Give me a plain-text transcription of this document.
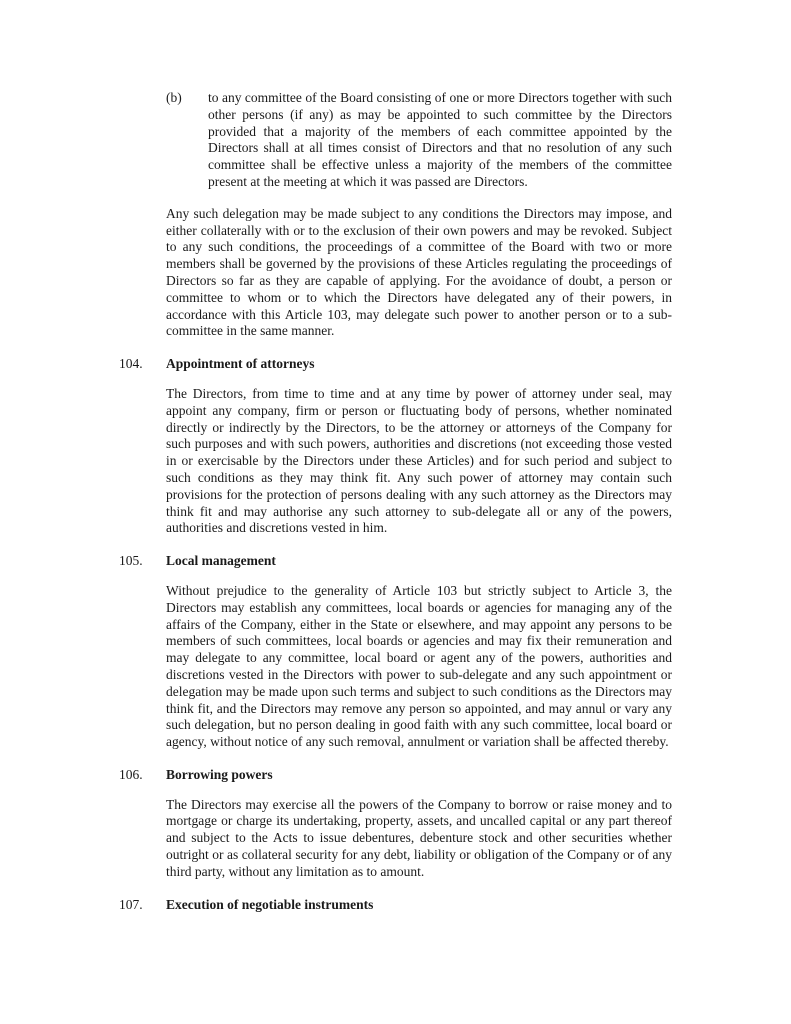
(b)	to any committee of the Board consisting of one or more Directors together with such other persons (if any) as may be appointed to such committee by the Directors provided that a majority of the members of each committee appointed by the Directors shall at all times consist of Directors and that no resolution of any such committee shall be effective unless a majority of the members of the committee present at the meeting at which it was passed are Directors.

Any such delegation may be made subject to any conditions the Directors may impose, and either collaterally with or to the exclusion of their own powers and may be revoked. Subject to any such conditions, the proceedings of a committee of the Board with two or more members shall be governed by the provisions of these Articles regulating the proceedings of Directors so far as they are capable of applying. For the avoidance of doubt, a person or committee to whom or to which the Directors have delegated any of their powers, in accordance with this Article 103, may delegate such power to another person or to a sub-committee in the same manner.

104.	Appointment of attorneys

The Directors, from time to time and at any time by power of attorney under seal, may appoint any company, firm or person or fluctuating body of persons, whether nominated directly or indirectly by the Directors, to be the attorney or attorneys of the Company for such purposes and with such powers, authorities and discretions (not exceeding those vested in or exercisable by the Directors under these Articles) and for such period and subject to such conditions as they may think fit. Any such power of attorney may contain such provisions for the protection of persons dealing with any such attorney as the Directors may think fit and may authorise any such attorney to sub-delegate all or any of the powers, authorities and discretions vested in him.

105.	Local management

Without prejudice to the generality of Article 103 but strictly subject to Article 3, the Directors may establish any committees, local boards or agencies for managing any of the affairs of the Company, either in the State or elsewhere, and may appoint any persons to be members of such committees, local boards or agencies and may fix their remuneration and may delegate to any committee, local board or agent any of the powers, authorities and discretions vested in the Directors with power to sub-delegate and any such appointment or delegation may be made upon such terms and subject to such conditions as the Directors may think fit, and the Directors may remove any person so appointed, and may annul or vary any such delegation, but no person dealing in good faith with any such committee, local board or agency, without notice of any such removal, annulment or variation shall be affected thereby.

106.	Borrowing powers

The Directors may exercise all the powers of the Company to borrow or raise money and to mortgage or charge its undertaking, property, assets, and uncalled capital or any part thereof and subject to the Acts to issue debentures, debenture stock and other securities whether outright or as collateral security for any debt, liability or obligation of the Company or of any third party, without any limitation as to amount.

107.	Execution of negotiable instruments
